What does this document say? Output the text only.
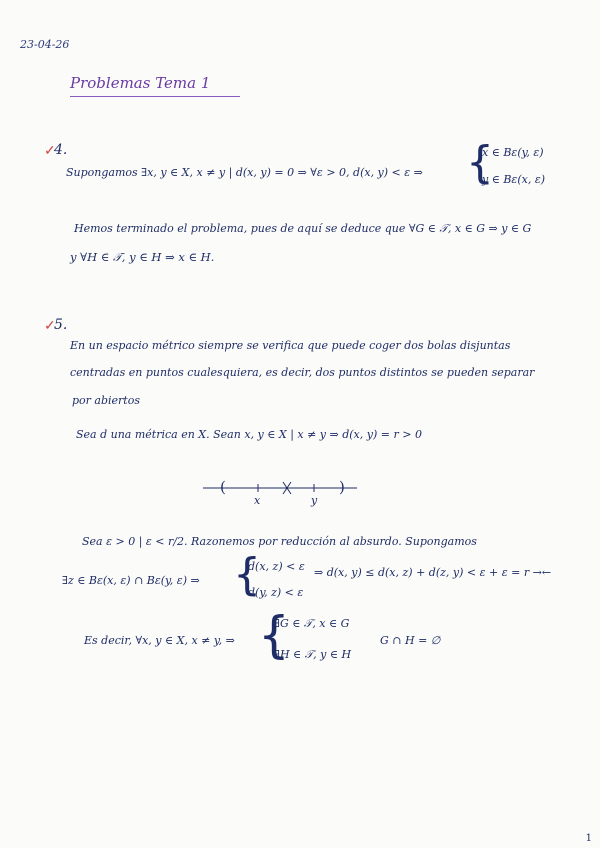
23-04-26
Problemas Tema 1
✓
4.
Supongamos ∃x, y ∈ X, x ≠ y | d(x, y) = 0 ⇒ ∀ε > 0, d(x, y) < ε ⇒ {
x ∈ Bε(y, ε)
y ∈ Bε(x, ε)
Hemos terminado el problema, pues de aquí se deduce que ∀G ∈ 𝒯, x ∈ G ⇒ y ∈ G
y ∀H ∈ 𝒯, y ∈ H ⇒ x ∈ H.
✓
5.
En un espacio métrico siempre se verifica que puede coger dos bolas disjuntas
centradas en puntos cualesquiera, es decir, dos puntos distintos se pueden separar
por abiertos
Sea d una métrica en X. Sean x, y ∈ X | x ≠ y ⇒ d(x, y) = r > 0
(	)
x	y
Sea ε > 0 | ε < r/2. Razonemos por reducción al absurdo. Supongamos
∃z ∈ Bε(x, ε) ∩ Bε(y, ε) ⇒ {
d(x, z) < ε
d(y, z) < ε
⇒ d(x, y) ≤ d(x, z) + d(z, y) < ε + ε = r →←
Es decir, ∀x, y ∈ X, x ≠ y, ⇒ {
∃G ∈ 𝒯, x ∈ G
∃H ∈ 𝒯, y ∈ H
G ∩ H = ∅
1
